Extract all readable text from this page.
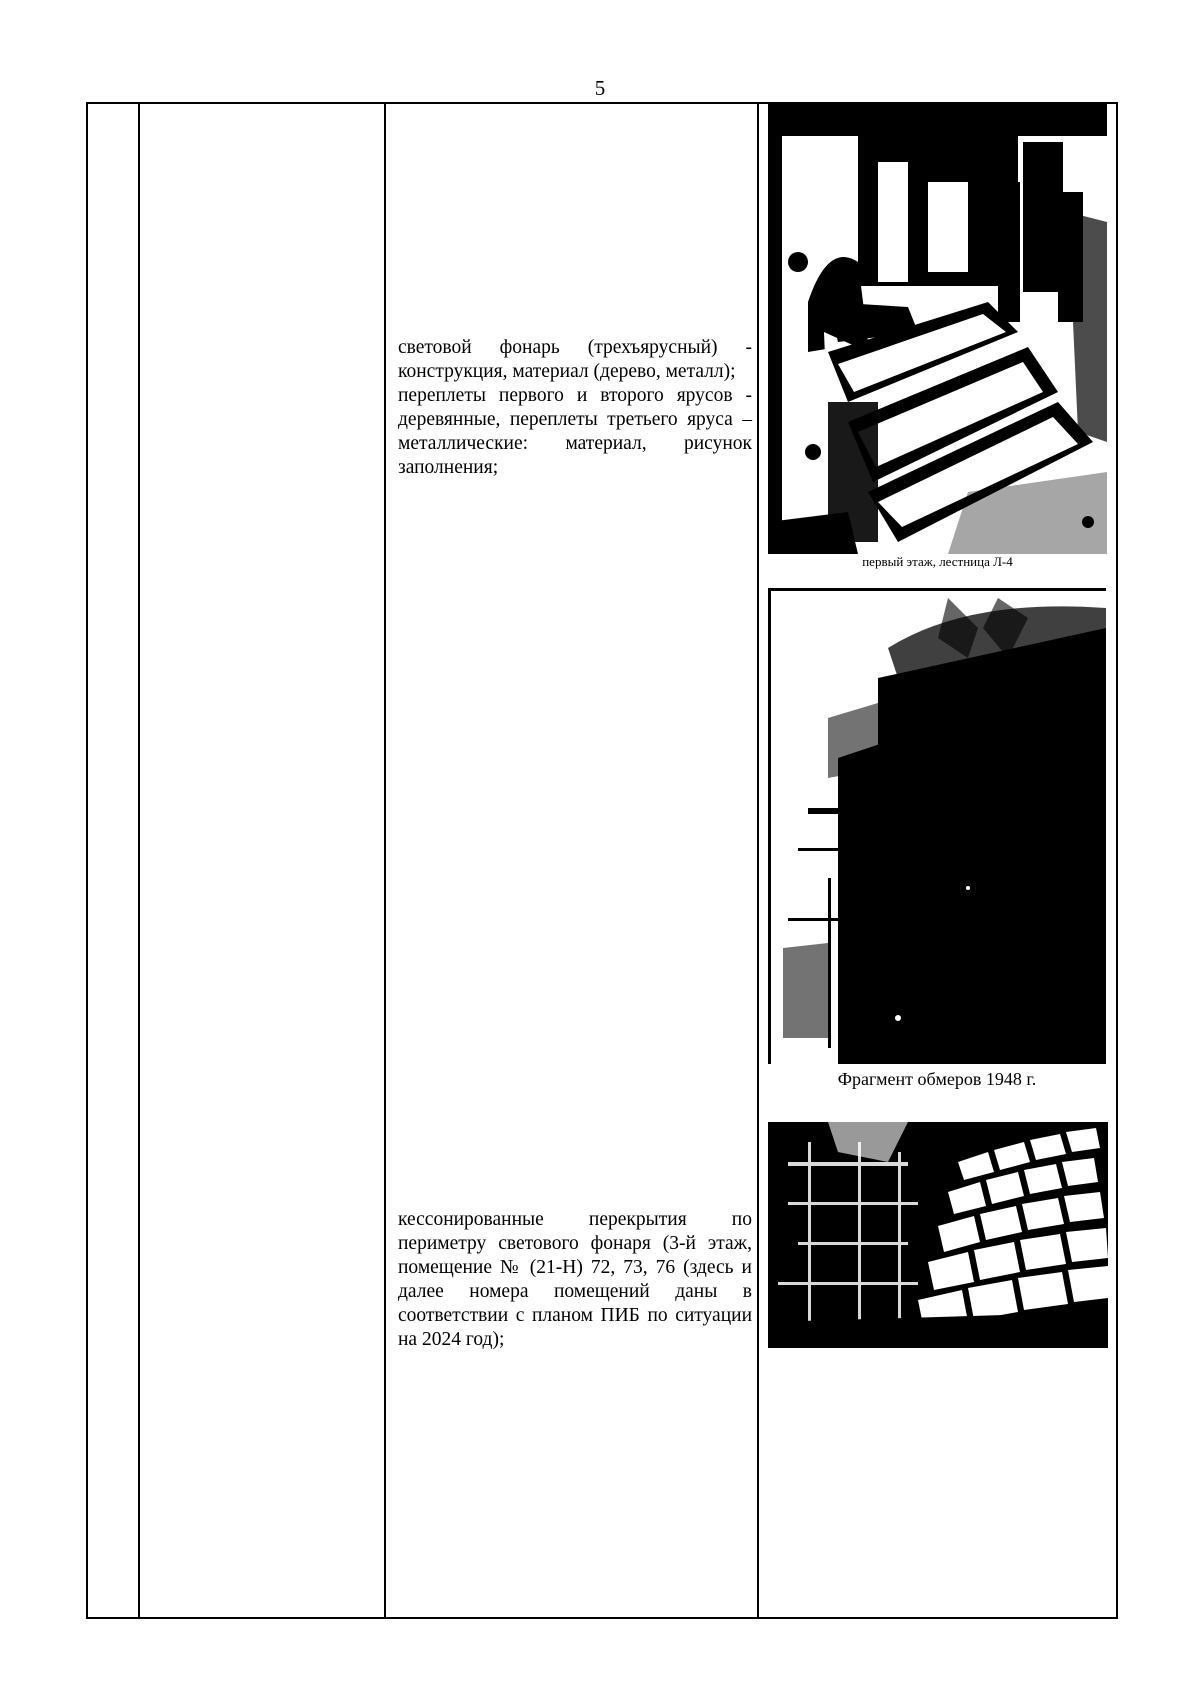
5

световой фонарь (трехъярусный) - конструкция, материал (дерево, металл);

переплеты первого и второго ярусов - деревянные, переплеты третьего яруса – металлические: материал, рисунок заполнения;

кессонированные перекрытия по периметру светового фонаря (3-й этаж, помещение № (21-Н) 72, 73, 76 (здесь и далее номера помещений даны в соответствии с планом ПИБ по ситуации на 2024 год);

первый этаж, лестница Л-4
Фрагмент обмеров 1948 г.
